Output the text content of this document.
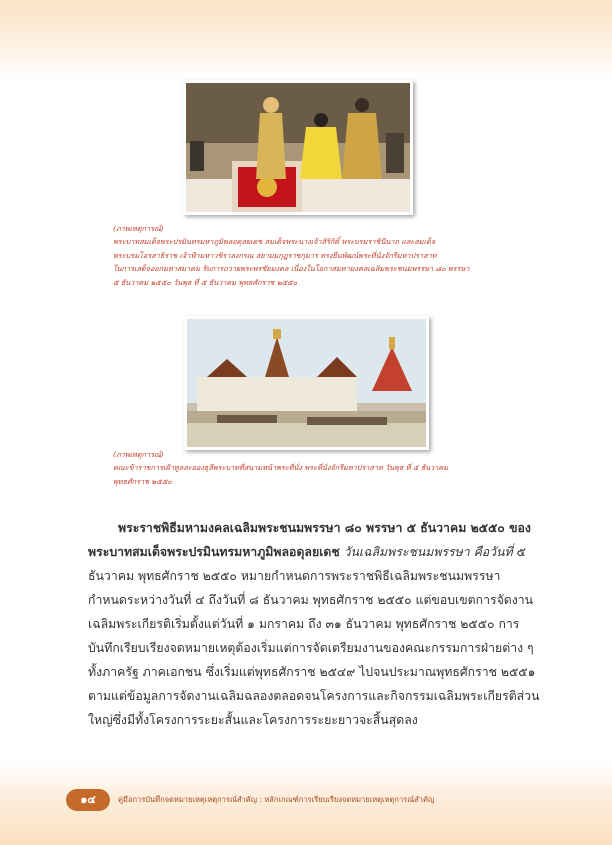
(ภาพเหตุการณ์)

พระบาทสมเด็จพระปรมินทรมหาภูมิพลอดุลยเดช สมเด็จพระนางเจ้าสิริกิติ์ พระบรมราชินีนาถ และสมเด็จ
พระบรมโอรสาธิราช เจ้าฟ้ามหาวชิราลงกรณ สยามมกุฎราชกุมาร ทรงยืนพัฒน์พระที่นั่งจักรีมหาปราสาท
ในการเสด็จออกมหาสมาคม รับการถวายพระพรชัยมงคล เนื่องในโอกาสมหามงคลเฉลิมพระชนมพรรษา ๘๐ พรรษา
๕ ธันวาคม ๒๕๕๐ วันพุธ ที่ ๕ ธันวาคม พุทธศักราช ๒๕๕๐

(ภาพเหตุการณ์)

คณะข้าราชการเฝ้าทูลละอองธุลีพระบาทที่สนามหน้าพระที่นั่ง พระที่นั่งจักรีมหาปราสาท วันพุธ ที่ ๕ ธันวาคม
พุทธศักราช ๒๕๕๐

พระราชพิธีมหามงคลเฉลิมพระชนมพรรษา ๘๐ พรรษา ๕ ธันวาคม ๒๕๕๐ ของพระบาทสมเด็จพระปรมินทรมหาภูมิพลอดุลยเดช วันเฉลิมพระชนมพรรษา คือวันที่ ๕ ธันวาคม พุทธศักราช ๒๕๕๐ หมายกำหนดการพระราชพิธีเฉลิมพระชนมพรรษา กำหนดระหว่างวันที่ ๔ ถึงวันที่ ๘ ธันวาคม พุทธศักราช ๒๕๕๐ แต่ขอบเขตการจัดงานเฉลิมพระเกียรติเริ่มตั้งแต่วันที่ ๑ มกราคม ถึง ๓๑ ธันวาคม พุทธศักราช ๒๕๕๐ การบันทึกเรียบเรียงจดหมายเหตุต้องเริ่มแต่การจัดเตรียมงานของคณะกรรมการฝ่ายต่าง ๆ ทั้งภาครัฐ ภาคเอกชน ซึ่งเริ่มแต่พุทธศักราช ๒๕๔๙ ไปจนประมาณพุทธศักราช ๒๕๕๑ ตามแต่ข้อมูลการจัดงานเฉลิมฉลองตลอดจนโครงการและกิจกรรมเฉลิมพระเกียรติส่วนใหญ่ซึ่งมีทั้งโครงการระยะสั้นและโครงการระยะยาวจะสิ้นสุดลง

๑๔	คู่มือการบันทึกจดหมายเหตุเหตุการณ์สำคัญ : หลักเกณฑ์การเรียบเรียงจดหมายเหตุเหตุการณ์สำคัญ
